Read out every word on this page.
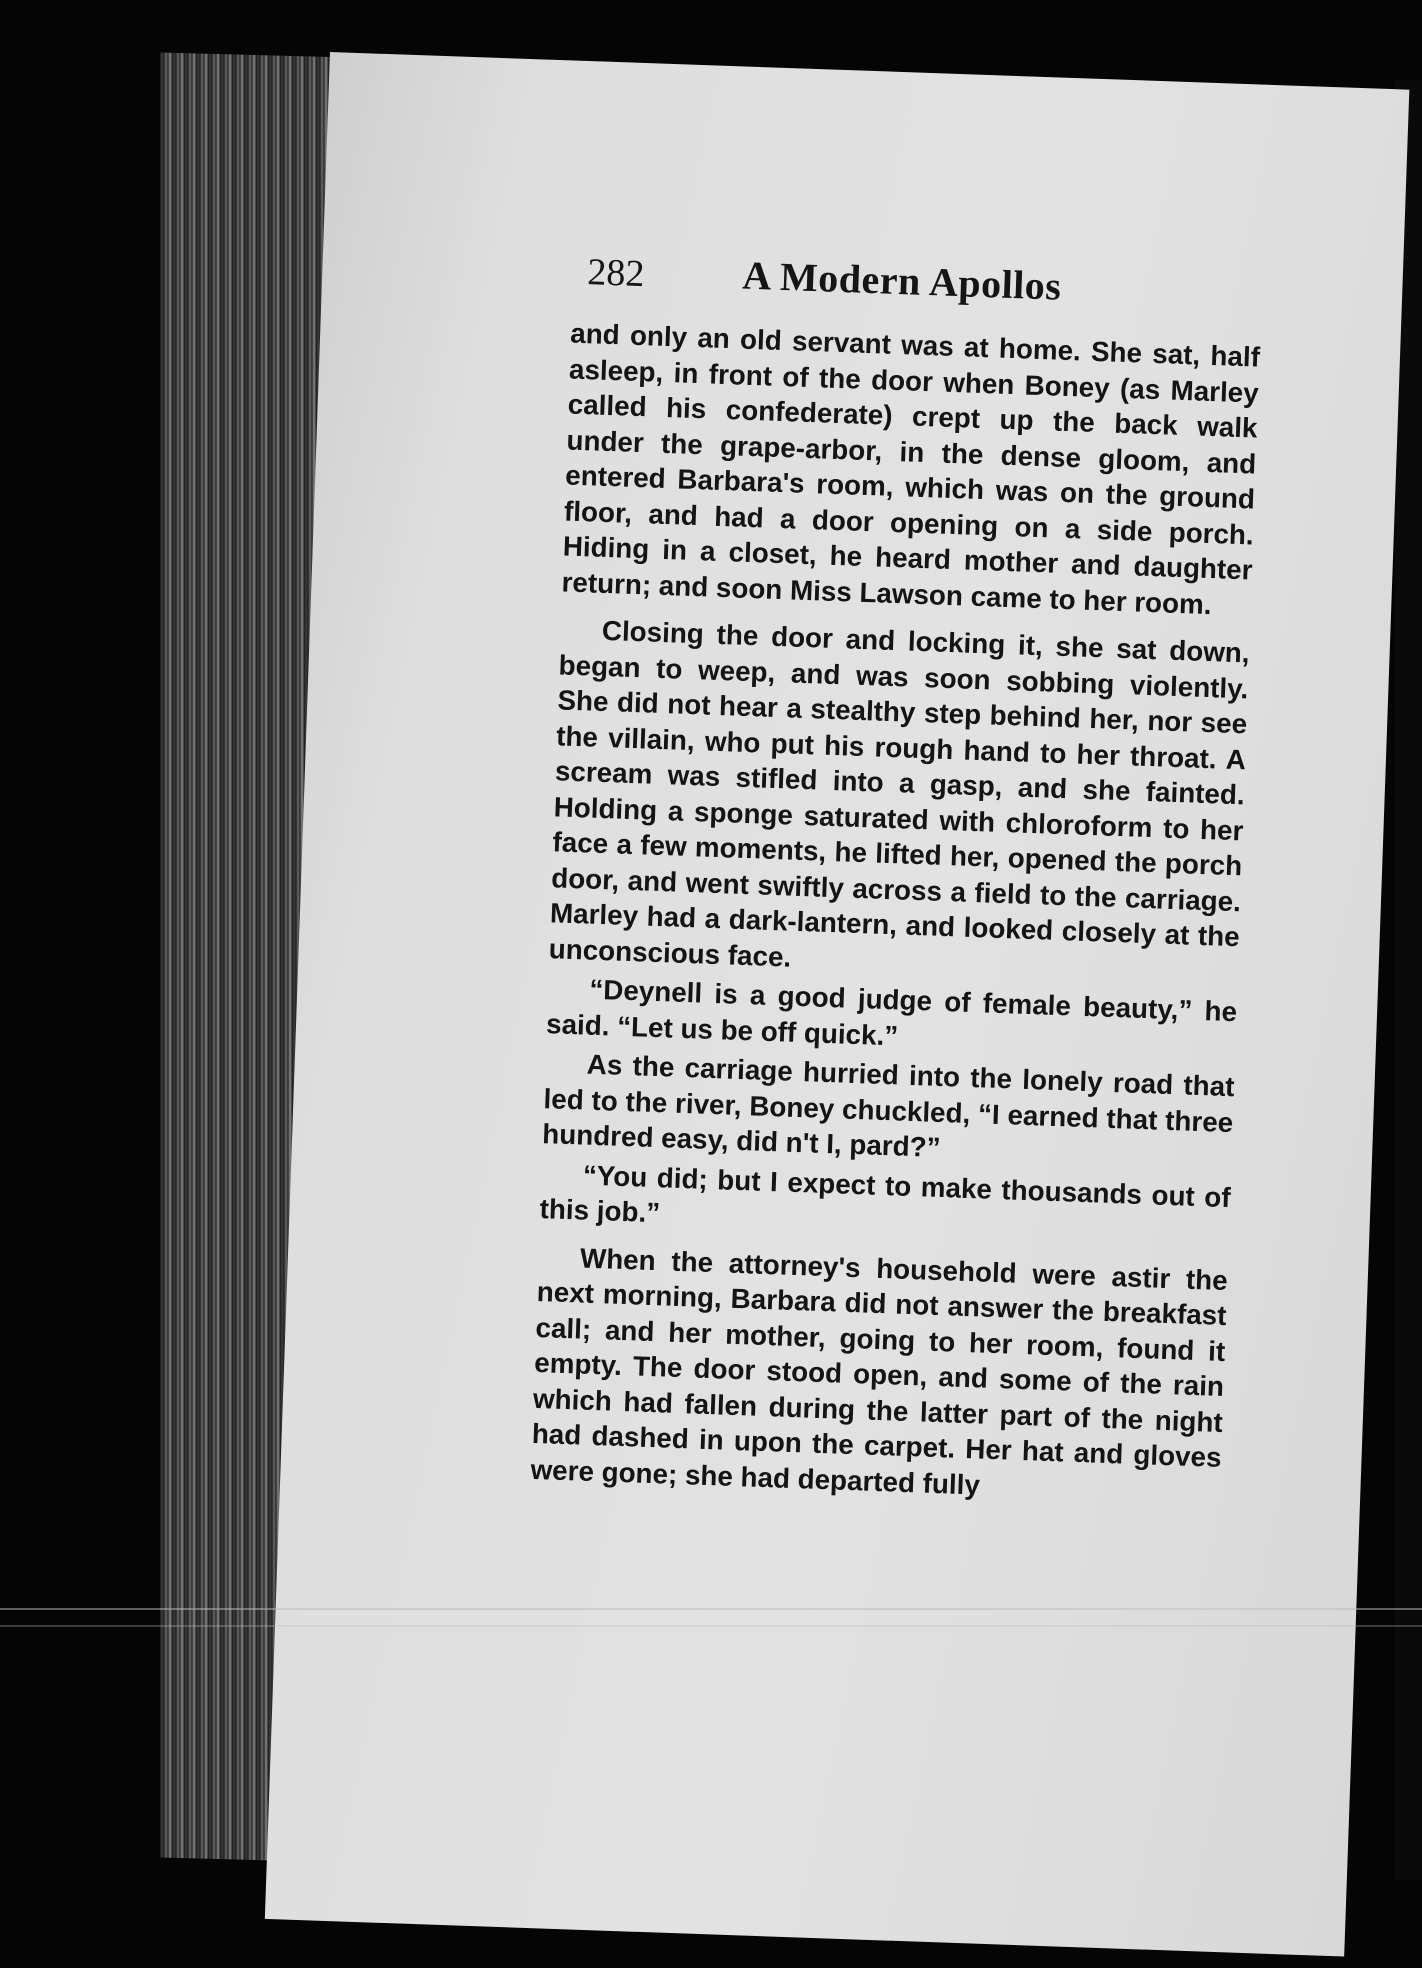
282 A Modern Apollos

and only an old servant was at home. She sat, half asleep, in front of the door when Boney (as Marley called his confederate) crept up the back walk under the grape-arbor, in the dense gloom, and entered Barbara's room, which was on the ground floor, and had a door opening on a side porch. Hiding in a closet, he heard mother and daughter return; and soon Miss Lawson came to her room.

Closing the door and locking it, she sat down, began to weep, and was soon sobbing violently. She did not hear a stealthy step behind her, nor see the villain, who put his rough hand to her throat. A scream was stifled into a gasp, and she fainted. Holding a sponge saturated with chloroform to her face a few moments, he lifted her, opened the porch door, and went swiftly across a field to the carriage. Marley had a dark-lantern, and looked closely at the unconscious face.

“Deynell is a good judge of female beauty,” he said. “Let us be off quick.”

As the carriage hurried into the lonely road that led to the river, Boney chuckled, “I earned that three hundred easy, did n't I, pard?”

“You did; but I expect to make thousands out of this job.”

When the attorney's household were astir the next morning, Barbara did not answer the breakfast call; and her mother, going to her room, found it empty. The door stood open, and some of the rain which had fallen during the latter part of the night had dashed in upon the carpet. Her hat and gloves were gone; she had departed fully
